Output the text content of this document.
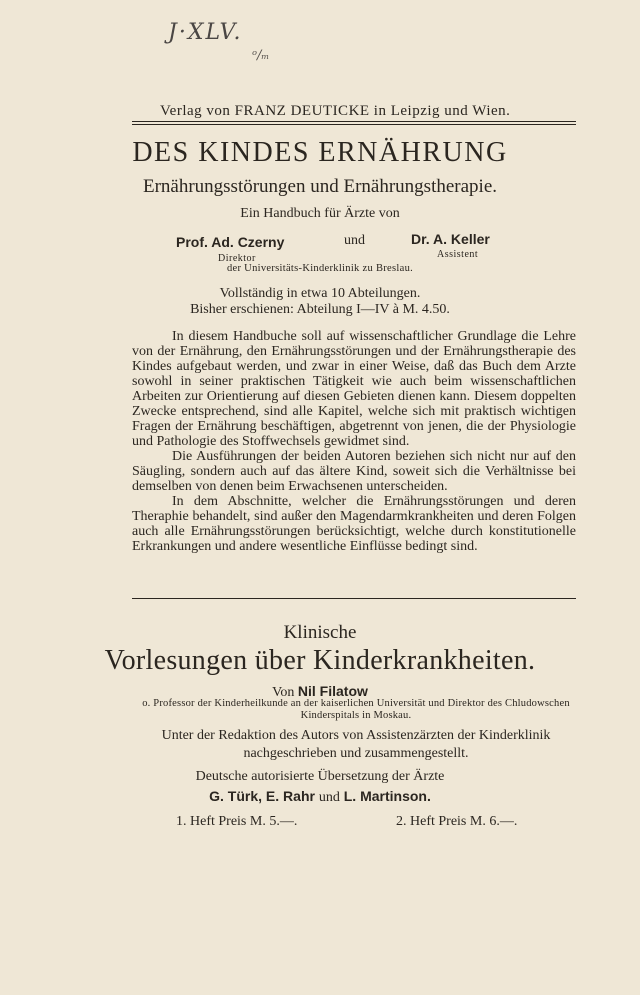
J·XLV.
ᵒ/ₘ
Verlag von FRANZ DEUTICKE in Leipzig und Wien.
DES KINDES ERNÄHRUNG
Ernährungsstörungen und Ernährungstherapie.
Ein Handbuch für Ärzte von
Prof. Ad. Czerny	und	Dr. A. Keller
Direktor	Assistent
der Universitäts-Kinderklinik zu Breslau.
Vollständig in etwa 10 Abteilungen.
Bisher erschienen: Abteilung I—IV à M. 4.50.

In diesem Handbuche soll auf wissenschaftlicher Grundlage die Lehre von der Ernährung, den Ernährungsstörungen und der Ernährungstherapie des Kindes aufgebaut werden, und zwar in einer Weise, daß das Buch dem Arzte sowohl in seiner praktischen Tätigkeit wie auch beim wissenschaftlichen Arbeiten zur Orientierung auf diesen Gebieten dienen kann. Diesem doppelten Zwecke entsprechend, sind alle Kapitel, welche sich mit praktisch wichtigen Fragen der Ernährung beschäftigen, abgetrennt von jenen, die der Physiologie und Pathologie des Stoffwechsels gewidmet sind.

Die Ausführungen der beiden Autoren beziehen sich nicht nur auf den Säugling, sondern auch auf das ältere Kind, soweit sich die Verhältnisse bei demselben von denen beim Erwachsenen unterscheiden.

In dem Abschnitte, welcher die Ernährungsstörungen und deren Theraphie behandelt, sind außer den Magendarmkrankheiten und deren Folgen auch alle Ernährungsstörungen berücksichtigt, welche durch konstitutionelle Erkrankungen und andere wesentliche Einflüsse bedingt sind.

Klinische
Vorlesungen über Kinderkrankheiten.
Von Nil Filatow
o. Professor der Kinderheilkunde an der kaiserlichen Universität und Direktor des Chludowschen Kinderspitals in Moskau.
Unter der Redaktion des Autors von Assistenzärzten der Kinderklinik nachgeschrieben und zusammengestellt.
Deutsche autorisierte Übersetzung der Ärzte
G. Türk, E. Rahr und L. Martinson.
1. Heft Preis M. 5.—.	2. Heft Preis M. 6.—.
